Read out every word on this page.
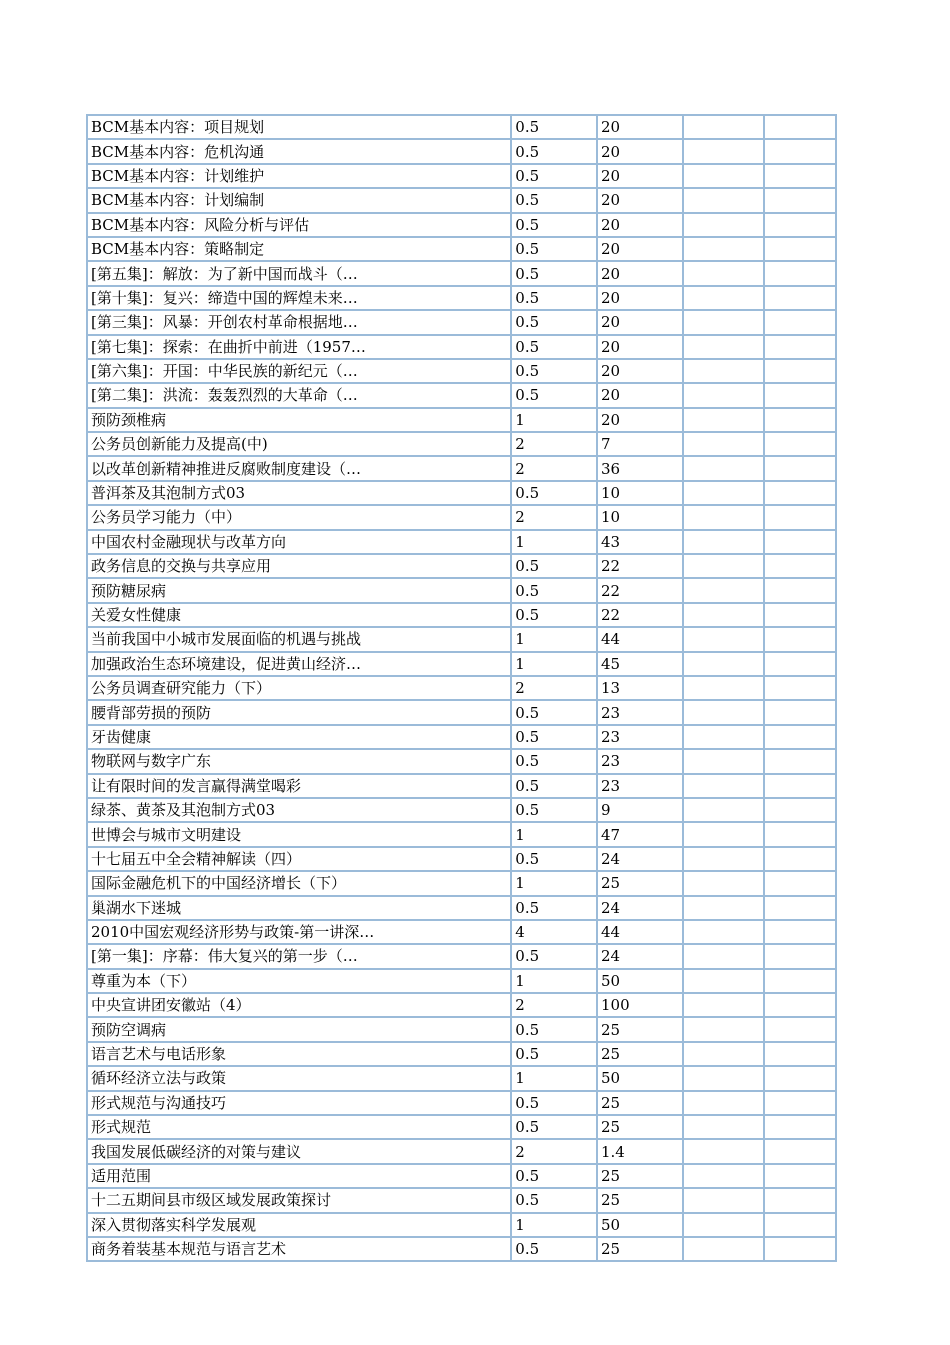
BCM基本内容：项目规划	0.5	20		
BCM基本内容：危机沟通	0.5	20		
BCM基本内容：计划维护	0.5	20		
BCM基本内容：计划编制	0.5	20		
BCM基本内容：风险分析与评估	0.5	20		
BCM基本内容：策略制定	0.5	20		
[第五集]：解放：为了新中国而战斗（…	0.5	20		
[第十集]：复兴：缔造中国的辉煌未来…	0.5	20		
[第三集]：风暴：开创农村革命根据地…	0.5	20		
[第七集]：探索：在曲折中前进（1957…	0.5	20		
[第六集]：开国：中华民族的新纪元（…	0.5	20		
[第二集]：洪流：轰轰烈烈的大革命（…	0.5	20		
预防颈椎病	1	20		
公务员创新能力及提高(中)	2	7		
以改革创新精神推进反腐败制度建设（…	2	36		
普洱茶及其泡制方式03	0.5	10		
公务员学习能力（中）	2	10		
中国农村金融现状与改革方向	1	43		
政务信息的交换与共享应用	0.5	22		
预防糖尿病	0.5	22		
关爱女性健康	0.5	22		
当前我国中小城市发展面临的机遇与挑战	1	44		
加强政治生态环境建设，促进黄山经济…	1	45		
公务员调查研究能力（下）	2	13		
腰背部劳损的预防	0.5	23		
牙齿健康	0.5	23		
物联网与数字广东	0.5	23		
让有限时间的发言赢得满堂喝彩	0.5	23		
绿茶、黄茶及其泡制方式03	0.5	9		
世博会与城市文明建设	1	47		
十七届五中全会精神解读（四）	0.5	24		
国际金融危机下的中国经济增长（下）	1	25		
巢湖水下迷城	0.5	24		
2010中国宏观经济形势与政策-第一讲深…	4	44		
[第一集]：序幕：伟大复兴的第一步（…	0.5	24		
尊重为本（下）	1	50		
中央宣讲团安徽站（4）	2	100		
预防空调病	0.5	25		
语言艺术与电话形象	0.5	25		
循环经济立法与政策	1	50		
形式规范与沟通技巧	0.5	25		
形式规范	0.5	25		
我国发展低碳经济的对策与建议	2	1.4		
适用范围	0.5	25		
十二五期间县市级区域发展政策探讨	0.5	25		
深入贯彻落实科学发展观	1	50		
商务着装基本规范与语言艺术	0.5	25		
